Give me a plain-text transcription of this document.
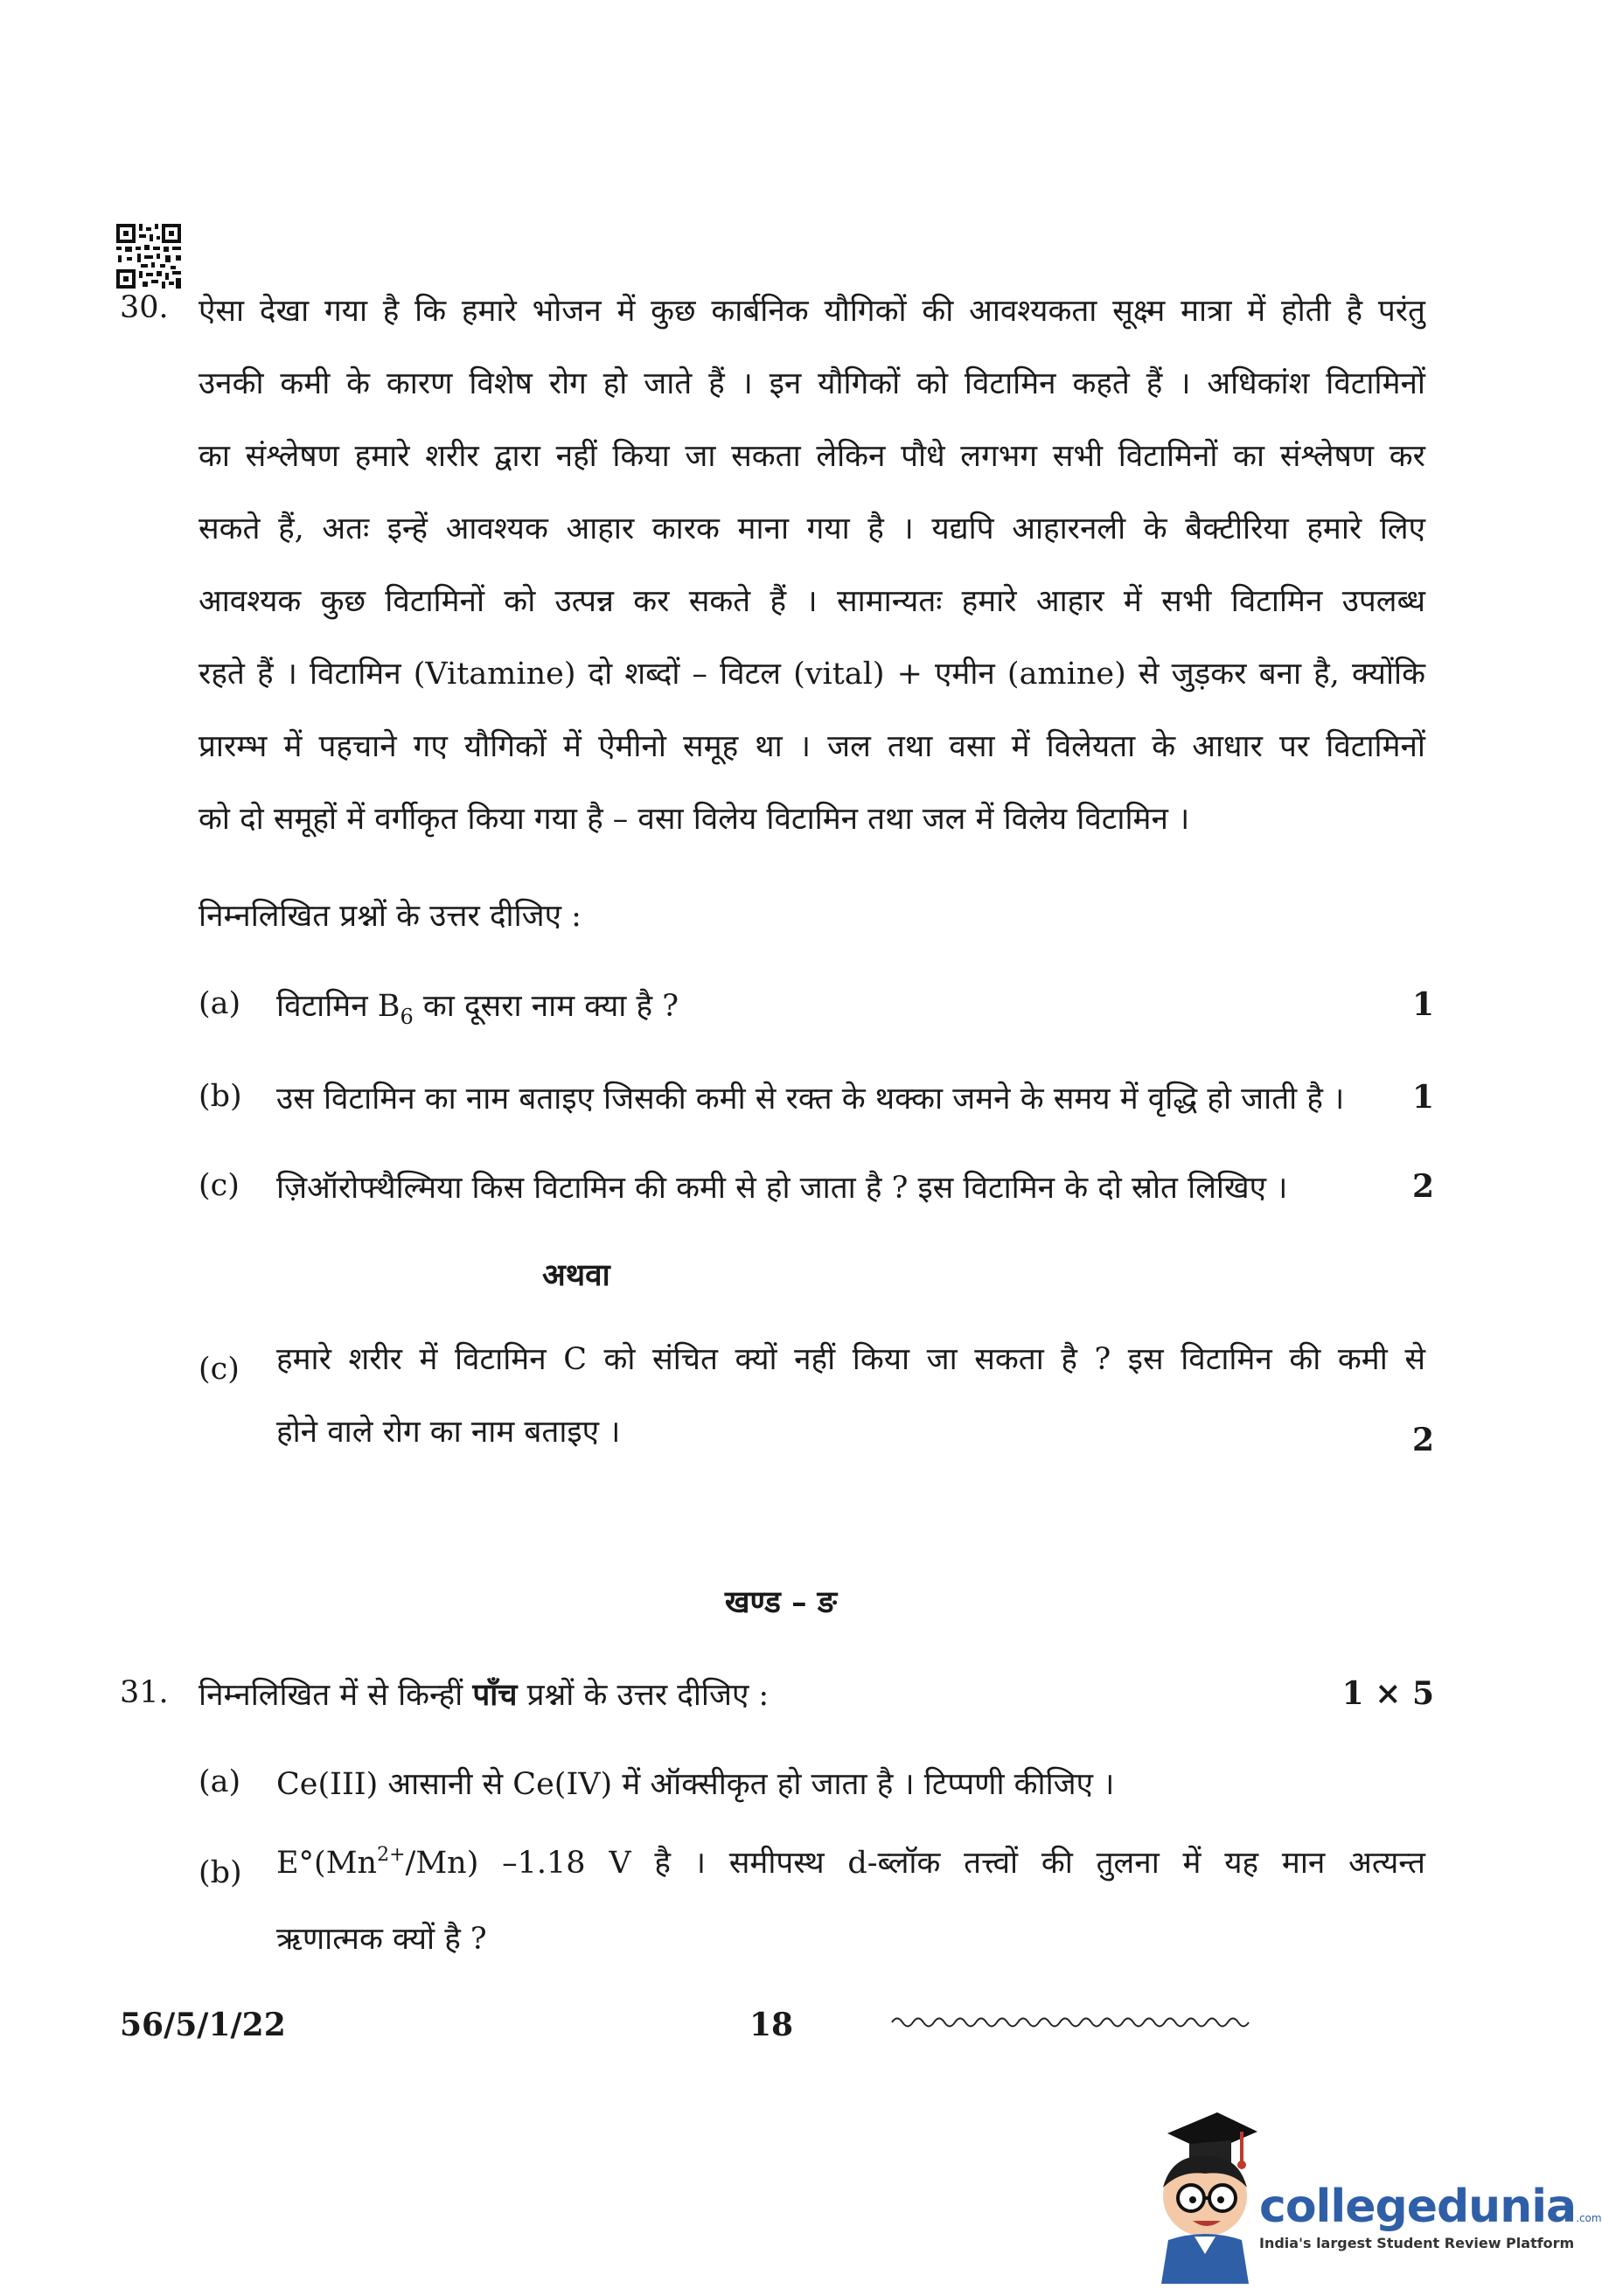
30. ऐसा देखा गया है कि हमारे भोजन में कुछ कार्बनिक यौगिकों की आवश्यकता सूक्ष्म मात्रा में होती है परंतु
उनकी कमी के कारण विशेष रोग हो जाते हैं । इन यौगिकों को विटामिन कहते हैं । अधिकांश विटामिनों
का संश्लेषण हमारे शरीर द्वारा नहीं किया जा सकता लेकिन पौधे लगभग सभी विटामिनों का संश्लेषण कर
सकते हैं, अतः इन्हें आवश्यक आहार कारक माना गया है । यद्यपि आहारनली के बैक्टीरिया हमारे लिए
आवश्यक कुछ विटामिनों को उत्पन्न कर सकते हैं । सामान्यतः हमारे आहार में सभी विटामिन उपलब्ध
रहते हैं । विटामिन (Vitamine) दो शब्दों – विटल (vital) + एमीन (amine) से जुड़कर बना है, क्योंकि
प्रारम्भ में पहचाने गए यौगिकों में ऐमीनो समूह था । जल तथा वसा में विलेयता के आधार पर विटामिनों
को दो समूहों में वर्गीकृत किया गया है – वसा विलेय विटामिन तथा जल में विलेय विटामिन ।
निम्नलिखित प्रश्नों के उत्तर दीजिए :
(a) विटामिन $B_6$ का दूसरा नाम क्या है ?	1
(b) उस विटामिन का नाम बताइए जिसकी कमी से रक्त के थक्का जमने के समय में वृद्धि हो जाती है ।	1
(c) ज़िऑरोफ्थैल्मिया किस विटामिन की कमी से हो जाता है ? इस विटामिन के दो स्रोत लिखिए ।	2
अथवा
(c) हमारे शरीर में विटामिन C को संचित क्यों नहीं किया जा सकता है ? इस विटामिन की कमी से
होने वाले रोग का नाम बताइए ।	2
खण्ड – ङ
31. निम्नलिखित में से किन्हीं पाँच प्रश्नों के उत्तर दीजिए :	1 × 5
(a) Ce(III) आसानी से Ce(IV) में ऑक्सीकृत हो जाता है । टिप्पणी कीजिए ।
(b) $E^\circ(Mn^{2+}/Mn)$ –1.18 V है । समीपस्थ d-ब्लॉक तत्त्वों की तुलना में यह मान अत्यन्त
ऋणात्मक क्यों है ?
56/5/1/22	18
collegedunia.com
India's largest Student Review Platform
